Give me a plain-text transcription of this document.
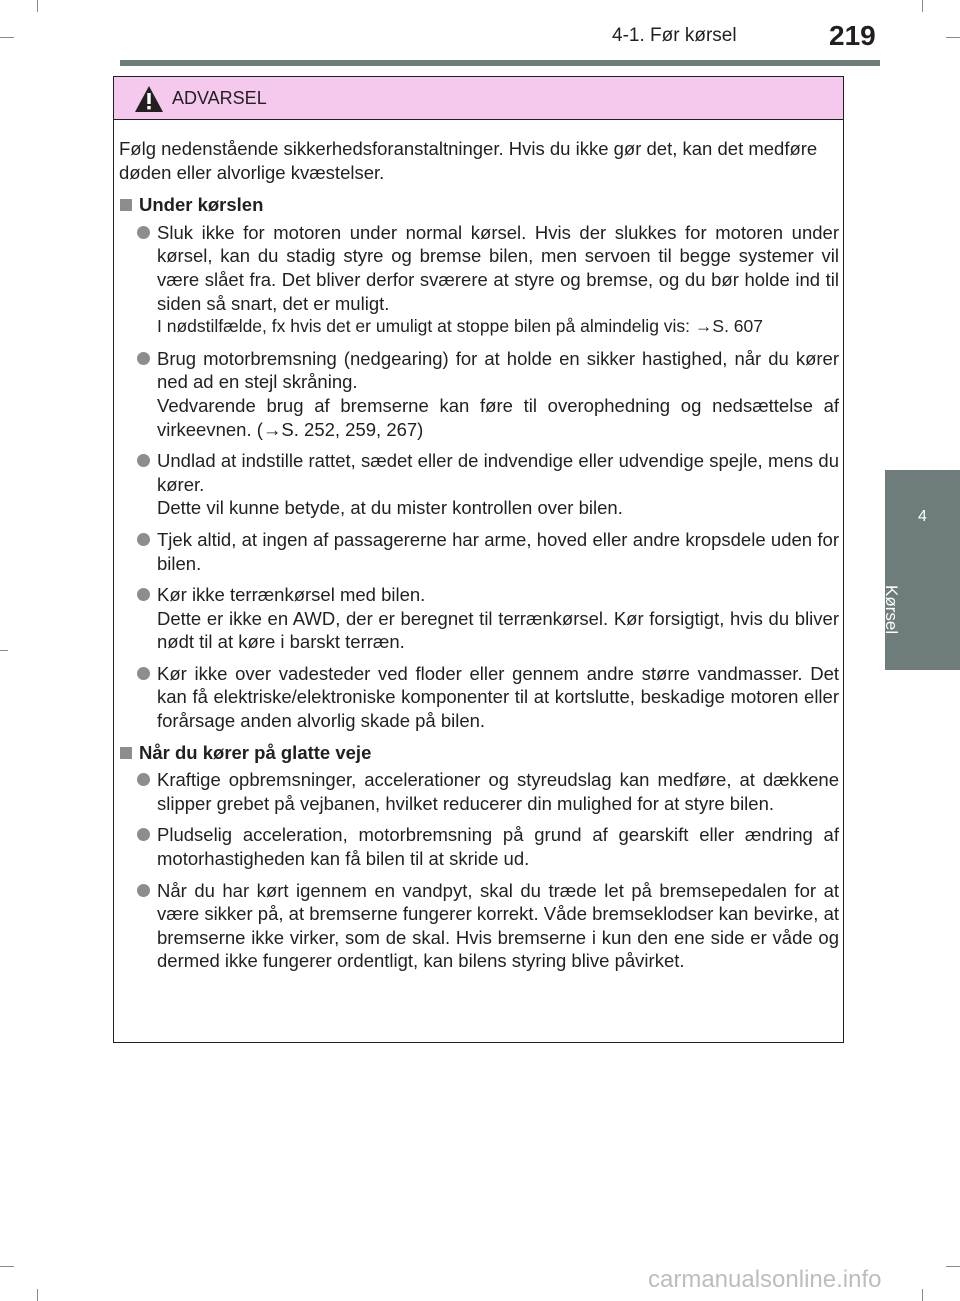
4-1. Før kørsel	219
4
Kørsel
ADVARSEL

Følg nedenstående sikkerhedsforanstaltninger. Hvis du ikke gør det, kan det medføre døden eller alvorlige kvæstelser.

Under kørslen

Sluk ikke for motoren under normal kørsel. Hvis der slukkes for motoren under kørsel, kan du stadig styre og bremse bilen, men servoen til begge systemer vil være slået fra. Det bliver derfor sværere at styre og bremse, og du bør holde ind til siden så snart, det er muligt.
I nødstilfælde, fx hvis det er umuligt at stoppe bilen på almindelig vis: →S. 607

Brug motorbremsning (nedgearing) for at holde en sikker hastighed, når du kører ned ad en stejl skråning.
Vedvarende brug af bremserne kan føre til overophedning og nedsættelse af virkeevnen. (→S. 252, 259, 267)

Undlad at indstille rattet, sædet eller de indvendige eller udvendige spejle, mens du kører.
Dette vil kunne betyde, at du mister kontrollen over bilen.

Tjek altid, at ingen af passagererne har arme, hoved eller andre kropsdele uden for bilen.

Kør ikke terrænkørsel med bilen.
Dette er ikke en AWD, der er beregnet til terrænkørsel. Kør forsigtigt, hvis du bliver nødt til at køre i barskt terræn.

Kør ikke over vadesteder ved floder eller gennem andre større vandmasser. Det kan få elektriske/elektroniske komponenter til at kortslutte, beskadige motoren eller forårsage anden alvorlig skade på bilen.

Når du kører på glatte veje

Kraftige opbremsninger, accelerationer og styreudslag kan medføre, at dækkene slipper grebet på vejbanen, hvilket reducerer din mulighed for at styre bilen.

Pludselig acceleration, motorbremsning på grund af gearskift eller ændring af motorhastigheden kan få bilen til at skride ud.

Når du har kørt igennem en vandpyt, skal du træde let på bremsepedalen for at være sikker på, at bremserne fungerer korrekt. Våde bremseklodser kan bevirke, at bremserne ikke virker, som de skal. Hvis bremserne i kun den ene side er våde og dermed ikke fungerer ordentligt, kan bilens styring blive påvirket.

carmanualsonline.info
